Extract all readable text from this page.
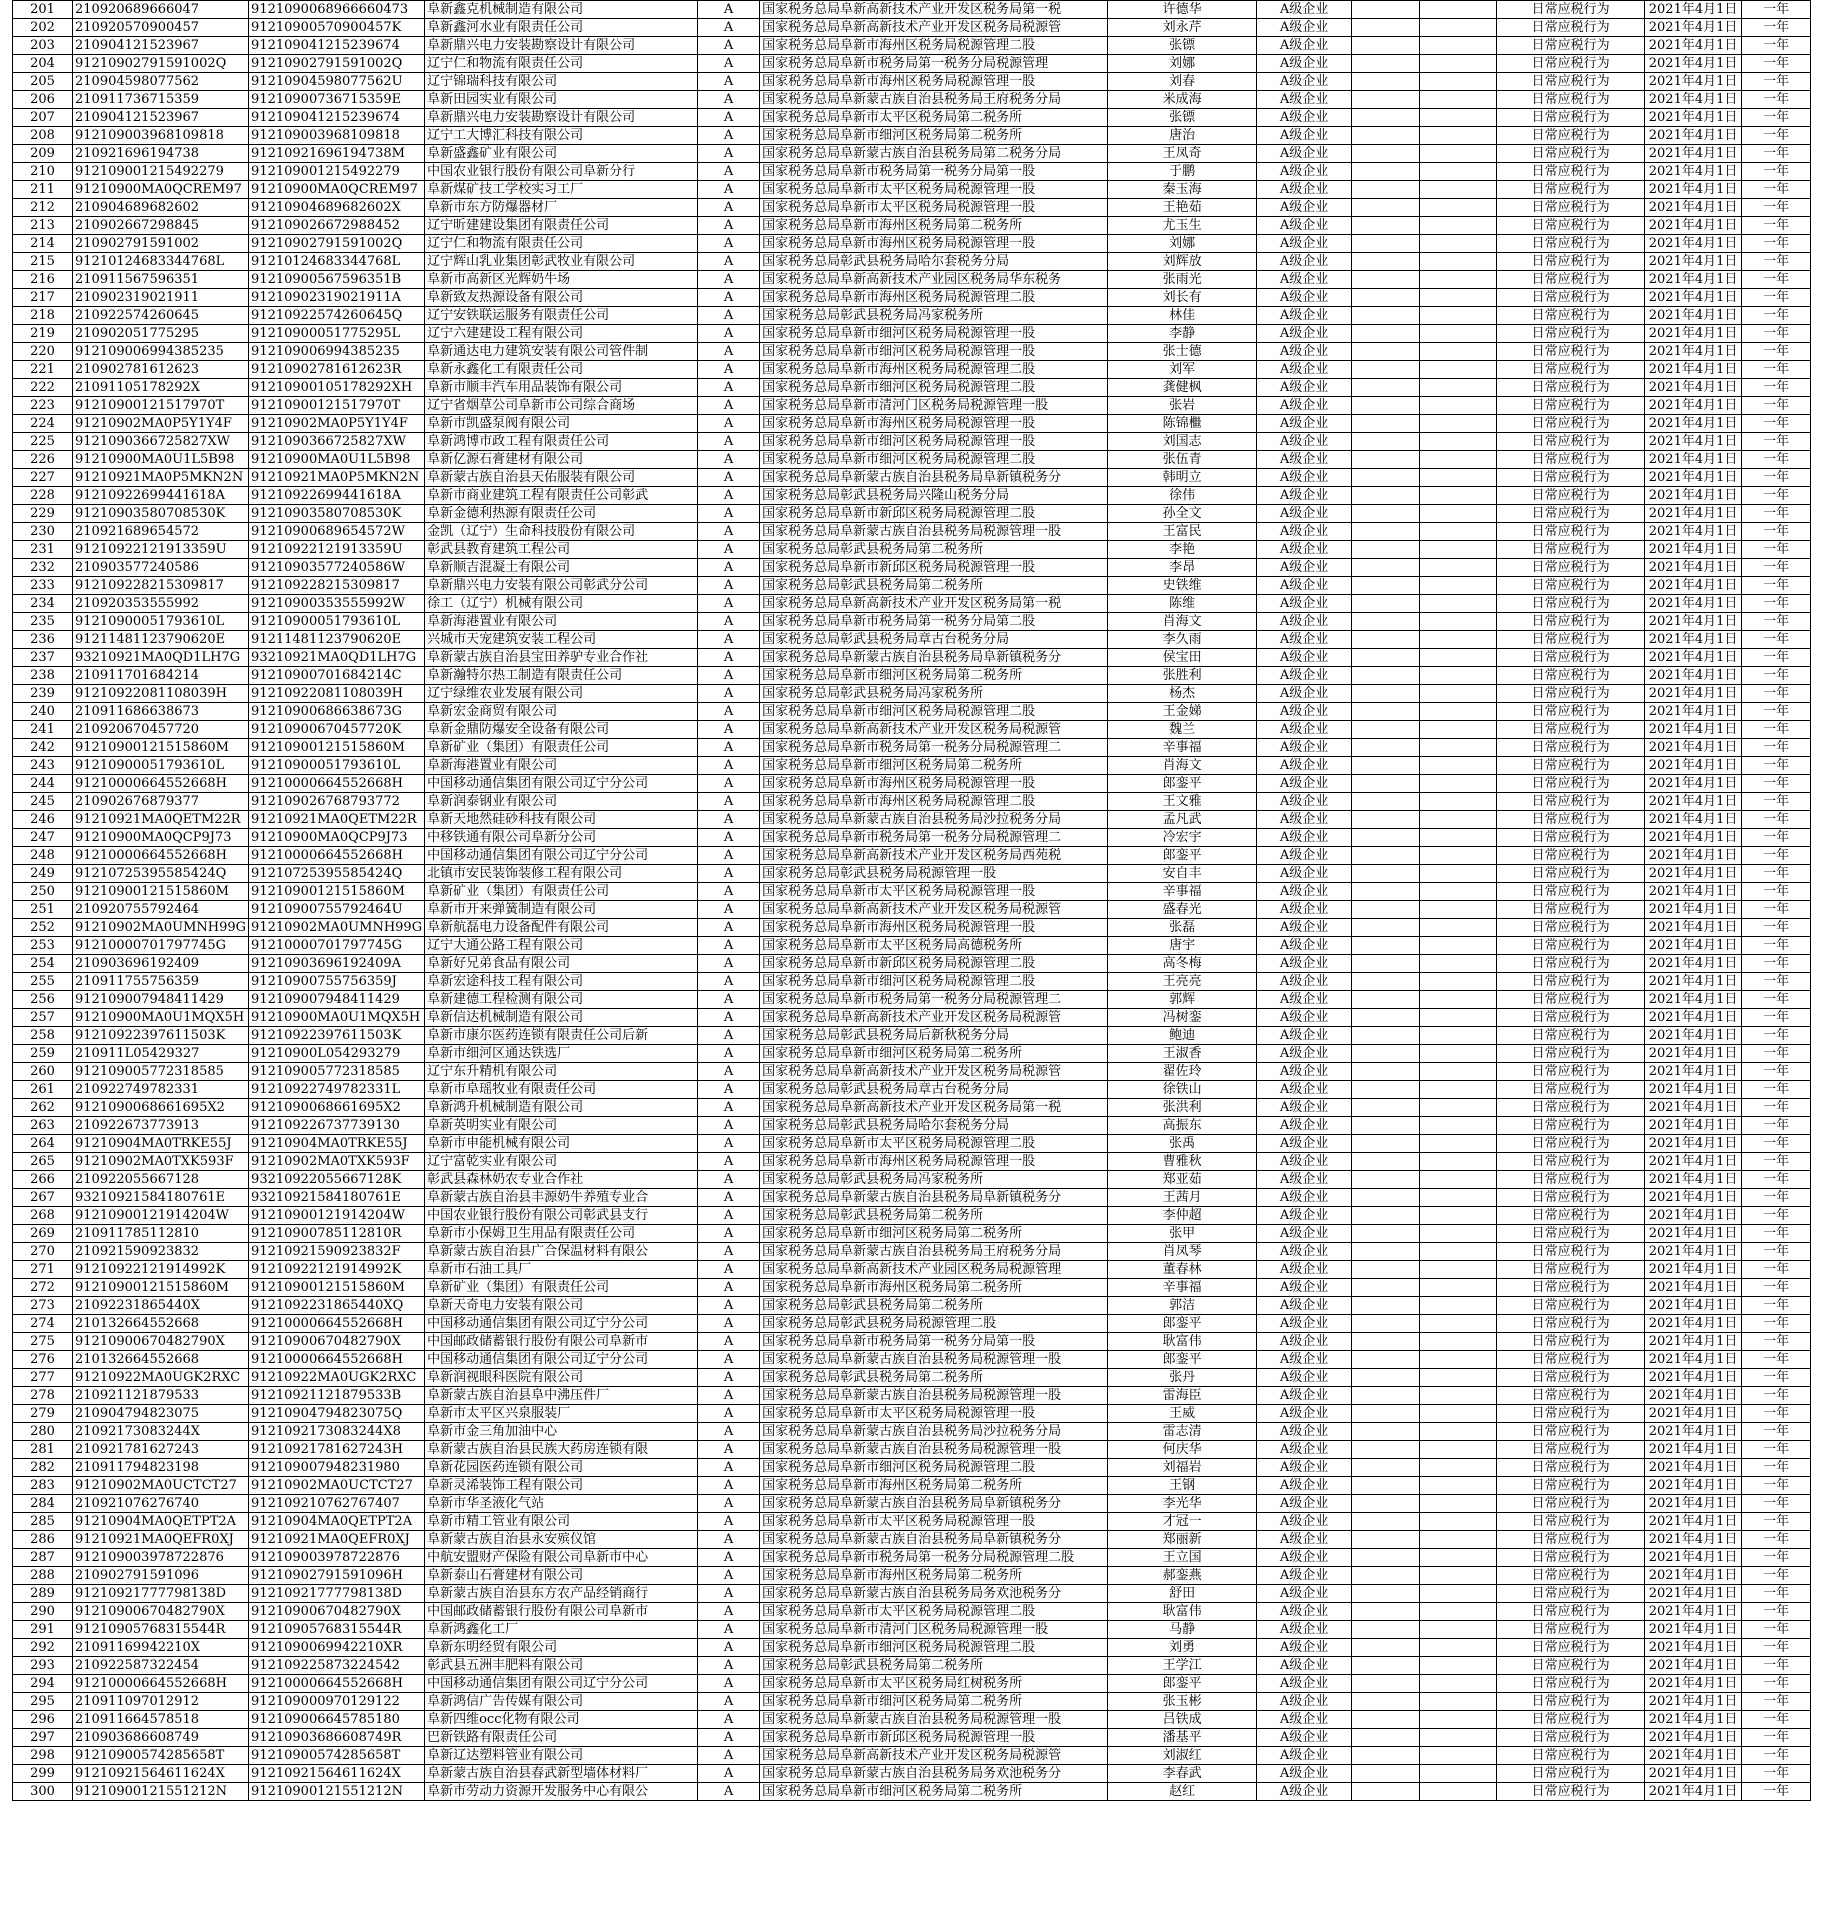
201	210920689666047	9121090068966660473	阜新鑫克机械制造有限公司	A	国家税务总局阜新高新技术产业开发区税务局第一税	许德华	A级企业			日常应税行为	2021年4月1日	一年
202	210920570900457	91210900570900457K	阜新鑫河水业有限责任公司	A	国家税务总局阜新高新技术产业开发区税务局税源管	刘永芹	A级企业			日常应税行为	2021年4月1日	一年
203	210904121523967	91210904121523967​4	阜新鼎兴电力安装勘察设计有限公司	A	国家税务总局阜新市海州区税务局税源管理二股	张镖	A级企业			日常应税行为	2021年4月1日	一年
204	91210902791591002Q	91210902791591002Q	辽宁仁和物流有限责任公司	A	国家税务总局阜新市税务局第一税务分局税源管理	刘娜	A级企业			日常应税行为	2021年4月1日	一年
205	210904598077562	91210904598077562U	辽宁锦瑞科技有限公司	A	国家税务总局阜新市海州区税务局税源管理一股	刘春	A级企业			日常应税行为	2021年4月1日	一年
206	210911736715359	91210900736715359E	阜新田园实业有限公司	A	国家税务总局阜新蒙古族自治县税务局王府税务分局	米成海	A级企业			日常应税行为	2021年4月1日	一年
207	210904121523967	91210904121523967​4	阜新鼎兴电力安装勘察设计有限公司	A	国家税务总局阜新市太平区税务局第二税务所	张镖	A级企业			日常应税行为	2021年4月1日	一年
208	91210900396810981​8	91210900396810981​8	辽宁工大博汇科技有限公司	A	国家税务总局阜新市细河区税务局第二税务所	唐治	A级企业			日常应税行为	2021年4月1日	一年
209	210921696194738	91210921696194738M	阜新盛鑫矿业有限公司	A	国家税务总局阜新蒙古族自治县税务局第二税务分局	王凤奇	A级企业			日常应税行为	2021年4月1日	一年
210	91210900121549227​9	91210900121549227​9	中国农业银行股份有限公司阜新分行	A	国家税务总局阜新市税务局第一税务分局第一股	于鹏	A级企业			日常应税行为	2021年4月1日	一年
211	91210900MA0QCREM97	91210900MA0QCREM97	阜新煤矿技工学校实习工厂	A	国家税务总局阜新市太平区税务局税源管理一股	秦玉海	A级企业			日常应税行为	2021年4月1日	一年
212	210904689682602	91210904689682602X	阜新市东方防爆器材厂	A	国家税务总局阜新市太平区税务局税源管理一股	王艳茹	A级企业			日常应税行为	2021年4月1日	一年
213	210902667298845	91210902667298845​2	辽宁昕建建设集团有限责任公司	A	国家税务总局阜新市海州区税务局第二税务所	尤玉生	A级企业			日常应税行为	2021年4月1日	一年
214	210902791591002	91210902791591002Q	辽宁仁和物流有限责任公司	A	国家税务总局阜新市海州区税务局税源管理一股	刘娜	A级企业			日常应税行为	2021年4月1日	一年
215	91210124683344768L	91210124683344768L	辽宁辉山乳业集团彰武牧业有限公司	A	国家税务总局彰武县税务局哈尔套税务分局	刘辉放	A级企业			日常应税行为	2021年4月1日	一年
216	210911567596351	91210900567596351B	阜新市高新区光辉奶牛场	A	国家税务总局阜新高新技术产业园区税务局华东税务	张雨光	A级企业			日常应税行为	2021年4月1日	一年
217	210902319021911	91210902319021911A	阜新致友热源设备有限公司	A	国家税务总局阜新市海州区税务局税源管理二股	刘长有	A级企业			日常应税行为	2021年4月1日	一年
218	210922574260645	91210922574260645Q	辽宁安铁联运服务有限责任公司	A	国家税务总局彰武县税务局冯家税务所	林佳	A级企业			日常应税行为	2021年4月1日	一年
219	210902051775295	91210900051775295L	辽宁六建建设工程有限公司	A	国家税务总局阜新市细河区税务局税源管理一股	李静	A级企业			日常应税行为	2021年4月1日	一年
220	91210900699438523​5	91210900699438523​5	阜新通达电力建筑安装有限公司管件制	A	国家税务总局阜新市细河区税务局税源管理一股	张士德	A级企业			日常应税行为	2021年4月1日	一年
221	210902781612623	91210902781612623R	阜新永鑫化工有限责任公司	A	国家税务总局阜新市海州区税务局税源管理二股	刘军	A级企业			日常应税行为	2021年4月1日	一年
222	21091105178292X	91210900105178292XH	阜新市顺丰汽车用品装饰有限公司	A	国家税务总局阜新市细河区税务局税源管理二股	龚健枫	A级企业			日常应税行为	2021年4月1日	一年
223	91210900121517970T	91210900121517970T	辽宁省烟草公司阜新市公司综合商场	A	国家税务总局阜新市清河门区税务局税源管理一股	张岩	A级企业			日常应税行为	2021年4月1日	一年
224	91210902MA0P5Y1Y4F	91210902MA0P5Y1Y4F	阜新市凯盛泵阀有限公司	A	国家税务总局阜新市海州区税务局税源管理一股	陈锦檵	A级企业			日常应税行为	2021年4月1日	一年
225	91210903667258​27XW	91210903667258​27XW	阜新鸿博市政工程有限责任公司	A	国家税务总局阜新市细河区税务局税源管理一股	刘国志	A级企业			日常应税行为	2021年4月1日	一年
226	91210900MA0U1L5B98	91210900MA0U1L5B98	阜新亿源石膏建材有限公司	A	国家税务总局阜新市细河区税务局税源管理二股	张伍青	A级企业			日常应税行为	2021年4月1日	一年
227	91210921MA0P5MKN2N	91210921MA0P5MKN2N	阜新蒙古族自治县天佑服装有限公司	A	国家税务总局阜新蒙古族自治县税务局阜新镇税务分	韩明立	A级企业			日常应税行为	2021年4月1日	一年
228	91210922699441618A	91210922699441618A	阜新市商业建筑工程有限责任公司彰武	A	国家税务总局彰武县税务局兴隆山税务分局	徐伟	A级企业			日常应税行为	2021年4月1日	一年
229	91210903580708530K	91210903580708530K	阜新金德利热源有限责任公司	A	国家税务总局阜新市新邱区税务局税源管理二股	孙全文	A级企业			日常应税行为	2021年4月1日	一年
230	210921689654572	91210900689654572W	金凯（辽宁）生命科技股份有限公司	A	国家税务总局阜新蒙古族自治县税务局税源管理一股	王富民	A级企业			日常应税行为	2021年4月1日	一年
231	91210922121913359U	91210922121913359U	彰武县教育建筑工程公司	A	国家税务总局彰武县税务局第二税务所	李艳	A级企业			日常应税行为	2021年4月1日	一年
232	210903577240586	91210903577240586W	阜新顺吉混凝土有限公司	A	国家税务总局阜新市新邱区税务局税源管理一股	李昂	A级企业			日常应税行为	2021年4月1日	一年
233	91210922821530981​7	91210922821530981​7	阜新鼎兴电力安装有限公司彰武分公司	A	国家税务总局彰武县税务局第二税务所	史铁维	A级企业			日常应税行为	2021年4月1日	一年
234	210920353555992	91210900353555992W	徐工（辽宁）机械有限公司	A	国家税务总局阜新高新技术产业开发区税务局第一税	陈维	A级企业			日常应税行为	2021年4月1日	一年
235	91210900051793610L	91210900051793610L	阜新海港置业有限公司	A	国家税务总局阜新市税务局第一税务分局第二股	肖海文	A级企业			日常应税行为	2021年4月1日	一年
236	91211481123790620E	91211481123790620E	兴城市天宠建筑安装工程公司	A	国家税务总局彰武县税务局章古台税务分局	李久雨	A级企业			日常应税行为	2021年4月1日	一年
237	93210921MA0QD1LH7G	93210921MA0QD1LH7G	阜新蒙古族自治县宝田养驴专业合作社	A	国家税务总局阜新蒙古族自治县税务局阜新镇税务分	侯宝田	A级企业			日常应税行为	2021年4月1日	一年
238	210911701684214	91210900701684214C	阜新瀚特尔热工制造有限责任公司	A	国家税务总局阜新市细河区税务局第二税务所	张胜利	A级企业			日常应税行为	2021年4月1日	一年
239	91210922081108039H	91210922081108039H	辽宁绿维农业发展有限公司	A	国家税务总局彰武县税务局冯家税务所	杨杰	A级企业			日常应税行为	2021年4月1日	一年
240	210911686638673	91210900686638673G	阜新宏金商贸有限公司	A	国家税务总局阜新市细河区税务局税源管理二股	王金娣	A级企业			日常应税行为	2021年4月1日	一年
241	210920670457720	91210900670457720K	阜新金鼎防爆安全设备有限公司	A	国家税务总局阜新高新技术产业开发区税务局税源管	魏兰	A级企业			日常应税行为	2021年4月1日	一年
242	91210900121515860M	91210900121515860M	阜新矿业（集团）有限责任公司	A	国家税务总局阜新市税务局第一税务分局税源管理二	辛事福	A级企业			日常应税行为	2021年4月1日	一年
243	91210900051793610L	91210900051793610L	阜新海港置业有限公司	A	国家税务总局阜新市细河区税务局第二税务所	肖海文	A级企业			日常应税行为	2021年4月1日	一年
244	91210000664552668H	91210000664552668H	中国移动通信集团有限公司辽宁分公司	A	国家税务总局阜新市海州区税务局税源管理一股	郎銮平	A级企业			日常应税行为	2021年4月1日	一年
245	210902676879377	91210902676879377​2	阜新润泰钢业有限公司	A	国家税务总局阜新市海州区税务局税源管理二股	王文雅	A级企业			日常应税行为	2021年4月1日	一年
246	91210921MA0QETM22R	91210921MA0QETM22R	阜新天地然硅砂科技有限公司	A	国家税务总局阜新蒙古族自治县税务局沙拉税务分局	孟凡武	A级企业			日常应税行为	2021年4月1日	一年
247	91210900MA0QCP9J73	91210900MA0QCP9J73	中移铁通有限公司阜新分公司	A	国家税务总局阜新市税务局第一税务分局税源管理二	冷宏宇	A级企业			日常应税行为	2021年4月1日	一年
248	91210000664552668H	91210000664552668H	中国移动通信集团有限公司辽宁分公司	A	国家税务总局阜新高新技术产业开发区税务局西苑税	郎銮平	A级企业			日常应税行为	2021年4月1日	一年
249	91210725395585424Q	91210725395585424Q	北镇市安民装饰装修工程有限公司	A	国家税务总局彰武县税务局税源管理一股	安自丰	A级企业			日常应税行为	2021年4月1日	一年
250	91210900121515860M	91210900121515860M	阜新矿业（集团）有限责任公司	A	国家税务总局阜新市太平区税务局税源管理一股	辛事福	A级企业			日常应税行为	2021年4月1日	一年
251	210920755792464	91210900755792464U	阜新市开来弹簧制造有限公司	A	国家税务总局阜新高新技术产业开发区税务局税源管	盛春光	A级企业			日常应税行为	2021年4月1日	一年
252	91210902MA0UMNH99G	91210902MA0UMNH99G	阜新航磊电力设备配件有限公司	A	国家税务总局阜新市海州区税务局税源管理一股	张磊	A级企业			日常应税行为	2021年4月1日	一年
253	91210000701797745G	91210000701797745G	辽宁大通公路工程有限公司	A	国家税务总局阜新市太平区税务局高德税务所	唐宇	A级企业			日常应税行为	2021年4月1日	一年
254	210903696192409	91210903696192409A	阜新好兄弟食品有限公司	A	国家税务总局阜新市新邱区税务局税源管理二股	高冬梅	A级企业			日常应税行为	2021年4月1日	一年
255	210911755756359	91210900755756359J	阜新宏途科技工程有限公司	A	国家税务总局阜新市细河区税务局税源管理二股	王亮亮	A级企业			日常应税行为	2021年4月1日	一年
256	91210900794841142​9	91210900794841142​9	阜新建德工程检测有限公司	A	国家税务总局阜新市税务局第一税务分局税源管理二	郭辉	A级企业			日常应税行为	2021年4月1日	一年
257	91210900MA0U1MQX5H	91210900MA0U1MQX5H	阜新信达机械制造有限公司	A	国家税务总局阜新高新技术产业开发区税务局税源管	冯树銮	A级企业			日常应税行为	2021年4月1日	一年
258	91210922397611503K	91210922397611503K	阜新市康尔医药连锁有限责任公司后新	A	国家税务总局彰武县税务局后新秋税务分局	鲍迪	A级企业			日常应税行为	2021年4月1日	一年
259	210911L05429327	91210900L054293279	阜新市细河区通达铁选厂	A	国家税务总局阜新市细河区税务局第二税务所	王淑香	A级企业			日常应税行为	2021年4月1日	一年
260	91210900577231858​5	91210900577231858​5	辽宁东升精机有限公司	A	国家税务总局阜新高新技术产业开发区税务局税源管	翟佐玲	A级企业			日常应税行为	2021年4月1日	一年
261	210922749782331	91210922749782331L	阜新市阜瑶牧业有限责任公司	A	国家税务总局彰武县税务局章古台税务分局	徐铁山	A级企业			日常应税行为	2021年4月1日	一年
262	91210900686616​95X2	91210900686616​95X2	阜新鸿升机械制造有限公司	A	国家税务总局阜新高新技术产业开发区税务局第一税	张洪利	A级企业			日常应税行为	2021年4月1日	一年
263	210922673773913	91210922673773913​0	阜新英明实业有限公司	A	国家税务总局彰武县税务局哈尔套税务分局	高振东	A级企业			日常应税行为	2021年4月1日	一年
264	91210904MA0TRKE55J	91210904MA0TRKE55J	阜新市申能机械有限公司	A	国家税务总局阜新市太平区税务局税源管理二股	张禹	A级企业			日常应税行为	2021年4月1日	一年
265	91210902MA0TXK593F	91210902MA0TXK593F	辽宁富乾实业有限公司	A	国家税务总局阜新市海州区税务局税源管理一股	曹雅秋	A级企业			日常应税行为	2021年4月1日	一年
266	210922055667128	93210922055667128K	彰武县森林奶农专业合作社	A	国家税务总局彰武县税务局冯家税务所	郑亚茹	A级企业			日常应税行为	2021年4月1日	一年
267	93210921584180761E	93210921584180761E	阜新蒙古族自治县丰源奶牛养殖专业合	A	国家税务总局阜新蒙古族自治县税务局阜新镇税务分	王茜月	A级企业			日常应税行为	2021年4月1日	一年
268	91210900121914204W	91210900121914204W	中国农业银行股份有限公司彰武县支行	A	国家税务总局彰武县税务局第二税务所	李仲超	A级企业			日常应税行为	2021年4月1日	一年
269	210911785112810	91210900785112810R	阜新市小保姆卫生用品有限责任公司	A	国家税务总局阜新市细河区税务局第二税务所	张甲	A级企业			日常应税行为	2021年4月1日	一年
270	210921590923832	91210921590923832F	阜新蒙古族自治县广合保温材料有限公	A	国家税务总局阜新蒙古族自治县税务局王府税务分局	肖凤琴	A级企业			日常应税行为	2021年4月1日	一年
271	91210922121914992K	91210922121914992K	阜新市石油工具厂	A	国家税务总局阜新高新技术产业园区税务局税源管理	董春林	A级企业			日常应税行为	2021年4月1日	一年
272	91210900121515860M	91210900121515860M	阜新矿业（集团）有限责任公司	A	国家税务总局阜新市海州区税务局第二税务所	辛事福	A级企业			日常应税行为	2021年4月1日	一年
273	21092231865440X	91210922318654​40XQ	阜新天奇电力安装有限公司	A	国家税务总局彰武县税务局第二税务所	郭洁	A级企业			日常应税行为	2021年4月1日	一年
274	210132664552668	91210000664552668H	中国移动通信集团有限公司辽宁分公司	A	国家税务总局彰武县税务局税源管理二股	郎銮平	A级企业			日常应税行为	2021年4月1日	一年
275	91210900670482790X	91210900670482790X	中国邮政储蓄银行股份有限公司阜新市	A	国家税务总局阜新市税务局第一税务分局第一股	耿富伟	A级企业			日常应税行为	2021年4月1日	一年
276	210132664552668	91210000664552668H	中国移动通信集团有限公司辽宁分公司	A	国家税务总局阜新蒙古族自治县税务局税源管理一股	郎銮平	A级企业			日常应税行为	2021年4月1日	一年
277	91210922MA0UGK2RXC	91210922MA0UGK2RXC	阜新润视眼科医院有限公司	A	国家税务总局彰武县税务局第二税务所	张丹	A级企业			日常应税行为	2021年4月1日	一年
278	210921121879533	91210921121879533B	阜新蒙古族自治县阜中沸压件厂	A	国家税务总局阜新蒙古族自治县税务局税源管理一股	雷海臣	A级企业			日常应税行为	2021年4月1日	一年
279	210904794823075	91210904794823075Q	阜新市太平区兴泉服装厂	A	国家税务总局阜新市太平区税务局税源管理一股	王威	A级企业			日常应税行为	2021年4月1日	一年
280	21092173083244X	91210921730832​44X8	阜新市金三角加油中心	A	国家税务总局阜新蒙古族自治县税务局沙拉税务分局	雷志清	A级企业			日常应税行为	2021年4月1日	一年
281	210921781627243	91210921781627243H	阜新蒙古族自治县民族大药房连锁有限	A	国家税务总局阜新蒙古族自治县税务局税源管理一股	何庆华	A级企业			日常应税行为	2021年4月1日	一年
282	210911794823198	91210900794823198​0	阜新花园医药连锁有限公司	A	国家税务总局阜新市细河区税务局税源管理二股	刘福岩	A级企业			日常应税行为	2021年4月1日	一年
283	91210902MA0UCTCT27	91210902MA0UCTCT27	阜新灵浠装饰工程有限公司	A	国家税务总局阜新市海州区税务局第二税务所	王钢	A级企业			日常应税行为	2021年4月1日	一年
284	210921076276740	91210921076276740​7	阜新市华圣液化气站	A	国家税务总局阜新蒙古族自治县税务局阜新镇税务分	李光华	A级企业			日常应税行为	2021年4月1日	一年
285	91210904MA0QETPT2A	91210904MA0QETPT2A	阜新市精工管业有限公司	A	国家税务总局阜新市太平区税务局税源管理一股	才冠一	A级企业			日常应税行为	2021年4月1日	一年
286	91210921MA0QEFR0XJ	91210921MA0QEFR0XJ	阜新蒙古族自治县永安殡仪馆	A	国家税务总局阜新蒙古族自治县税务局阜新镇税务分	郑丽新	A级企业			日常应税行为	2021年4月1日	一年
287	91210900397872287​6	91210900397872287​6	中航安盟财产保险有限公司阜新市中心	A	国家税务总局阜新市税务局第一税务分局税源管理二股	王立国	A级企业			日常应税行为	2021年4月1日	一年
288	210902791591096	91210902791591096H	阜新泰山石膏建材有限公司	A	国家税务总局阜新市海州区税务局第二税务所	郝銮燕	A级企业			日常应税行为	2021年4月1日	一年
289	91210921777798138D	91210921777798138D	阜新蒙古族自治县东方农产品经销商行	A	国家税务总局阜新蒙古族自治县税务局务欢池税务分	舒田	A级企业			日常应税行为	2021年4月1日	一年
290	91210900670482790X	91210900670482790X	中国邮政储蓄银行股份有限公司阜新市	A	国家税务总局阜新市太平区税务局税源管理二股	耿富伟	A级企业			日常应税行为	2021年4月1日	一年
291	91210905768315544R	91210905768315544R	阜新鸿鑫化工厂	A	国家税务总局阜新市清河门区税务局税源管理一股	马静	A级企业			日常应税行为	2021年4月1日	一年
292	21091169942210X	91210900699422​10XR	阜新东明经贸有限公司	A	国家税务总局阜新市细河区税务局税源管理二股	刘勇	A级企业			日常应税行为	2021年4月1日	一年
293	210922587322454	91210922587322454​2	彰武县五洲丰肥料有限公司	A	国家税务总局彰武县税务局第二税务所	王学江	A级企业			日常应税行为	2021年4月1日	一年
294	91210000664552668H	91210000664552668H	中国移动通信集团有限公司辽宁分公司	A	国家税务总局阜新市太平区税务局红树税务所	郎銮平	A级企业			日常应税行为	2021年4月1日	一年
295	210911097012912	91210900097012912​2	阜新鸿信广告传媒有限公司	A	国家税务总局阜新市细河区税务局第二税务所	张玉彬	A级企业			日常应税行为	2021年4月1日	一年
296	210911664578518	91210900664578518​0	阜新四维occ化物有限公司	A	国家税务总局阜新蒙古族自治县税务局税源管理一股	吕铁成	A级企业			日常应税行为	2021年4月1日	一年
297	210903686608749	91210903686608749R	巴新铁路有限责任公司	A	国家税务总局阜新市新邱区税务局税源管理一股	潘基平	A级企业			日常应税行为	2021年4月1日	一年
298	91210900574285658T	91210900574285658T	阜新辽达塑料管业有限公司	A	国家税务总局阜新高新技术产业开发区税务局税源管	刘淑红	A级企业			日常应税行为	2021年4月1日	一年
299	91210921564611624X	91210921564611624X	阜新蒙古族自治县春武新型墙体材料厂	A	国家税务总局阜新蒙古族自治县税务局务欢池税务分	李春武	A级企业			日常应税行为	2021年4月1日	一年
300	91210900121551212N	91210900121551212N	阜新市劳动力资源开发服务中心有限公	A	国家税务总局阜新市细河区税务局第二税务所	赵红	A级企业			日常应税行为	2021年4月1日	一年
